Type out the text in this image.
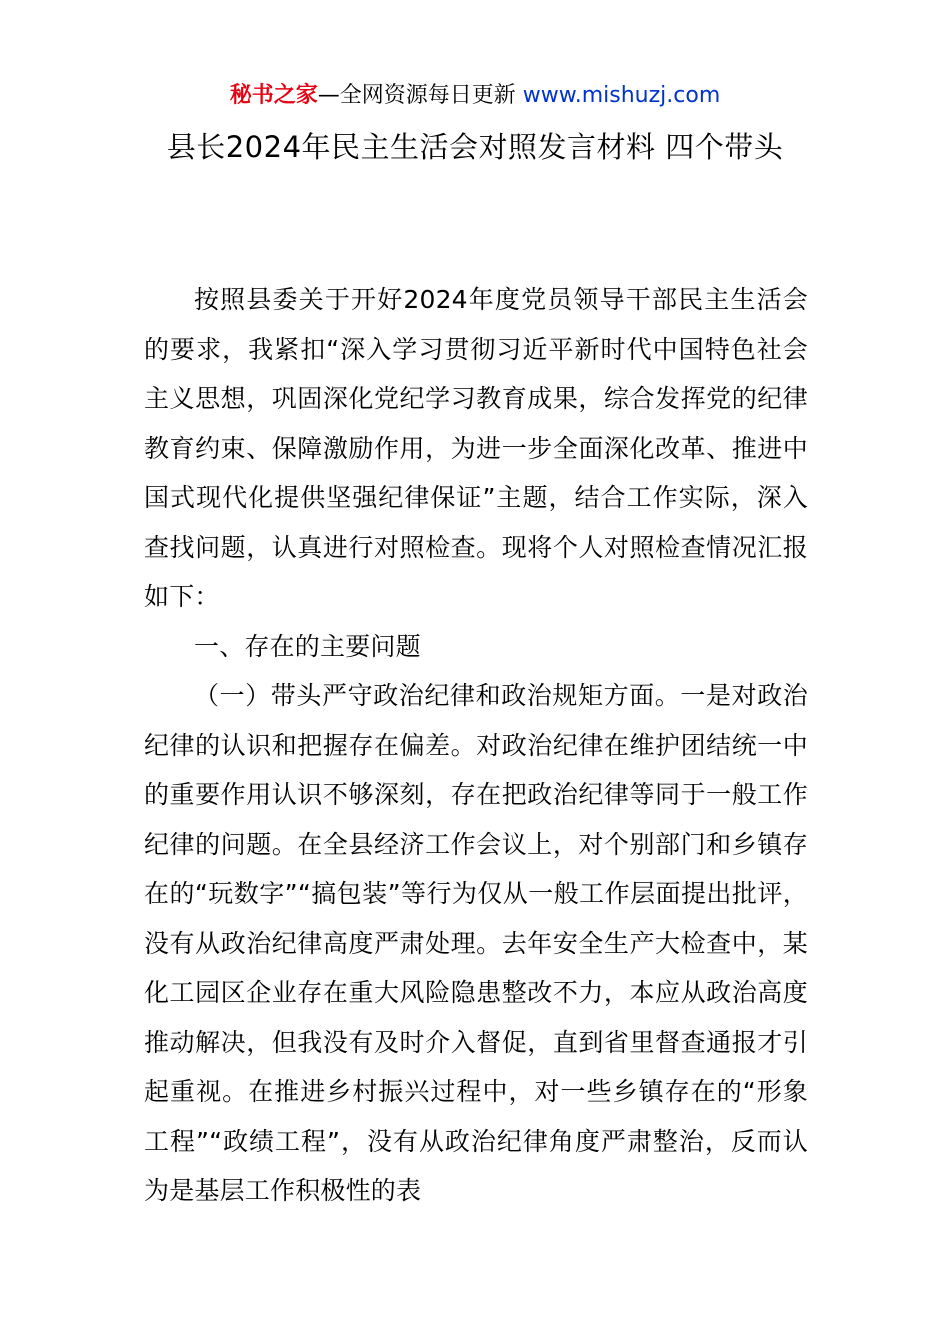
秘书之家—全网资源每日更新 www.mishuzj.com
县长2024年民主生活会对照发言材料 四个带头

按照县委关于开好2024年度党员领导干部民主生活会的要求，我紧扣“深入学习贯彻习近平新时代中国特色社会主义思想，巩固深化党纪学习教育成果，综合发挥党的纪律教育约束、保障激励作用，为进一步全面深化改革、推进中国式现代化提供坚强纪律保证”主题，结合工作实际，深入查找问题，认真进行对照检查。现将个人对照检查情况汇报如下：

一、存在的主要问题

（一）带头严守政治纪律和政治规矩方面。一是对政治纪律的认识和把握存在偏差。对政治纪律在维护团结统一中的重要作用认识不够深刻，存在把政治纪律等同于一般工作纪律的问题。在全县经济工作会议上，对个别部门和乡镇存在的“玩数字”“搞包装”等行为仅从一般工作层面提出批评，没有从政治纪律高度严肃处理。去年安全生产大检查中，某化工园区企业存在重大风险隐患整改不力，本应从政治高度推动解决，但我没有及时介入督促，直到省里督查通报才引起重视。在推进乡村振兴过程中，对一些乡镇存在的“形象工程”“政绩工程”，没有从政治纪律角度严肃整治，反而认为是基层工作积极性的表
